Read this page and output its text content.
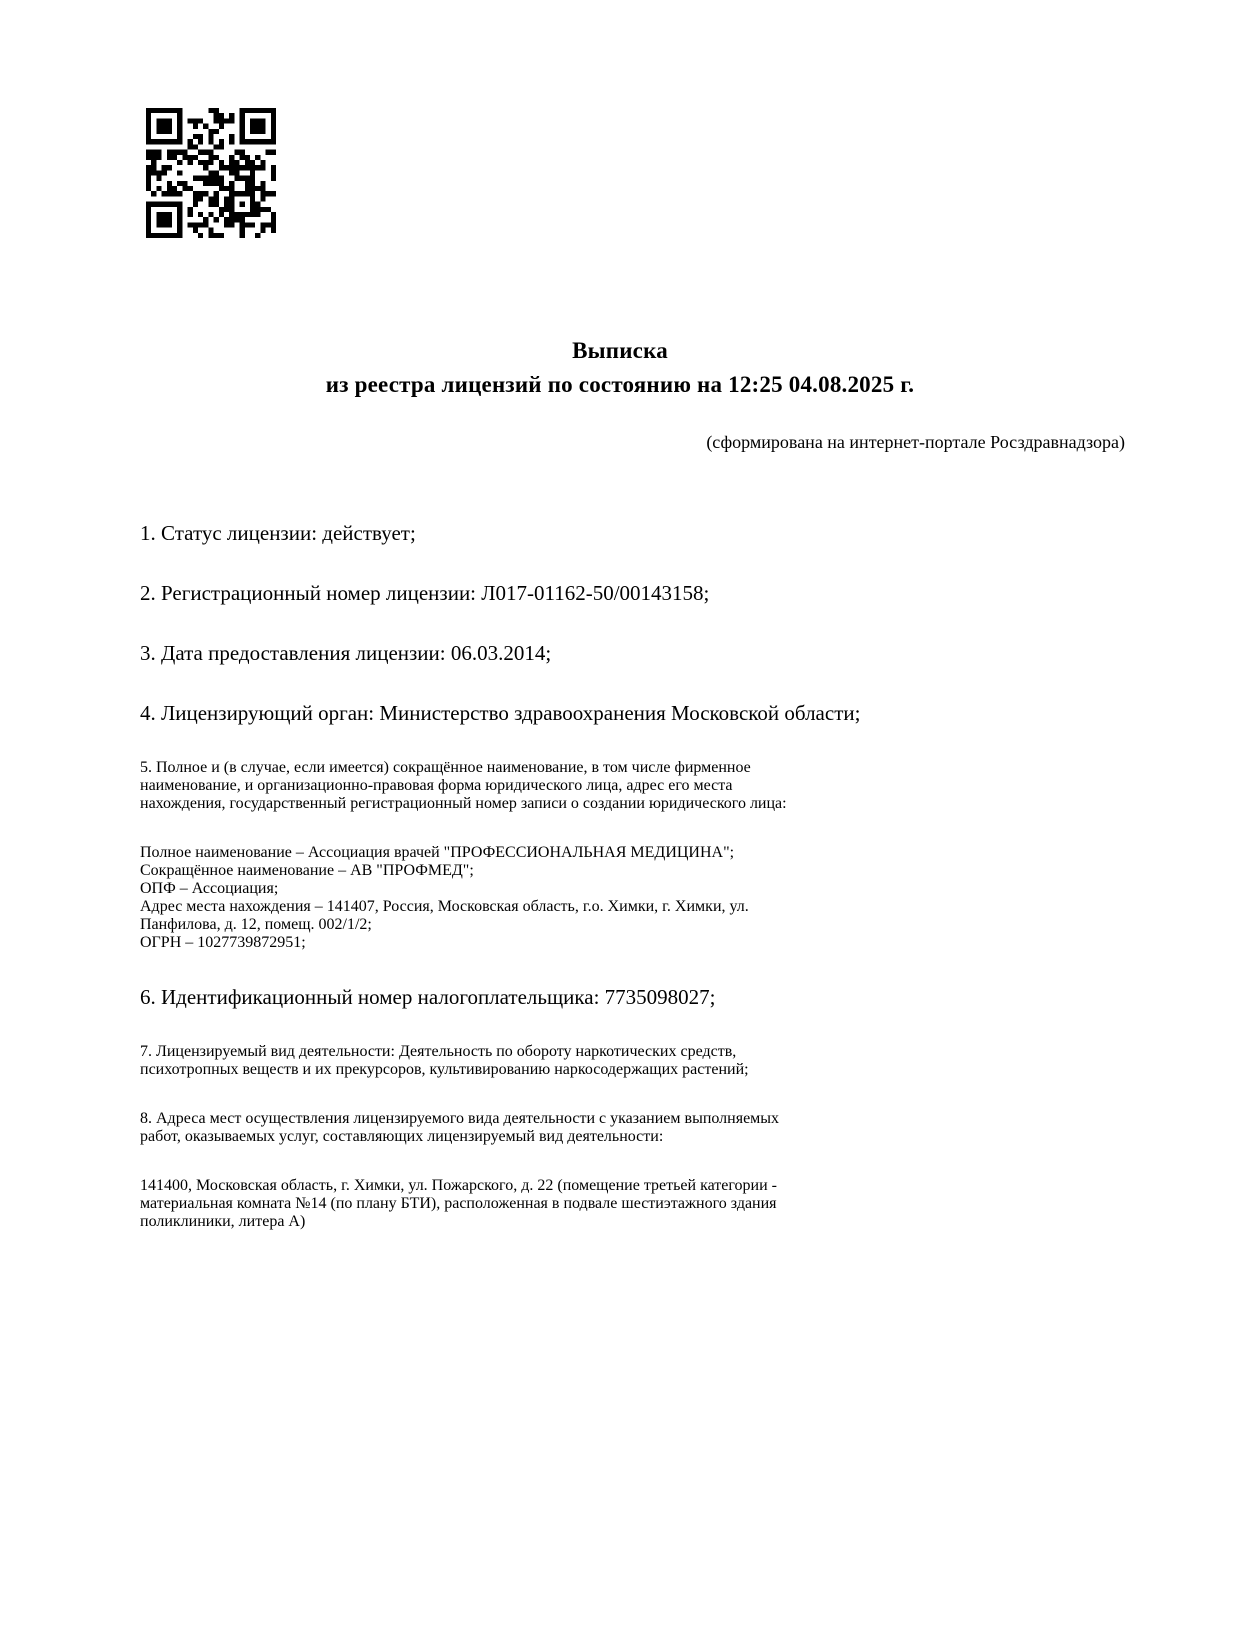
Выписка
из реестра лицензий по состоянию на 12:25 04.08.2025 г.
(сформирована на интернет-портале Росздравнадзора)

1. Статус лицензии: действует;

2. Регистрационный номер лицензии: Л017-01162-50/00143158;

3. Дата предоставления лицензии: 06.03.2014;

4. Лицензирующий орган: Министерство здравоохранения Московской области;

5. Полное и (в случае, если имеется) сокращённое наименование, в том числе фирменное
наименование, и организационно-правовая форма юридического лица, адрес его места
нахождения, государственный регистрационный номер записи о создании юридического лица:

Полное наименование – Ассоциация врачей "ПРОФЕССИОНАЛЬНАЯ МЕДИЦИНА";
Сокращённое наименование – АВ "ПРОФМЕД";
ОПФ – Ассоциация;
Адрес места нахождения – 141407, Россия, Московская область, г.о. Химки, г. Химки, ул.
Панфилова, д. 12, помещ. 002/1/2;
ОГРН – 1027739872951;

6. Идентификационный номер налогоплательщика: 7735098027;

7. Лицензируемый вид деятельности: Деятельность по обороту наркотических средств,
психотропных веществ и их прекурсоров, культивированию наркосодержащих растений;

8. Адреса мест осуществления лицензируемого вида деятельности с указанием выполняемых
работ, оказываемых услуг, составляющих лицензируемый вид деятельности:

141400, Московская область, г. Химки, ул. Пожарского, д. 22 (помещение третьей категории -
материальная комната №14 (по плану БТИ), расположенная в подвале шестиэтажного здания
поликлиники, литера А)
